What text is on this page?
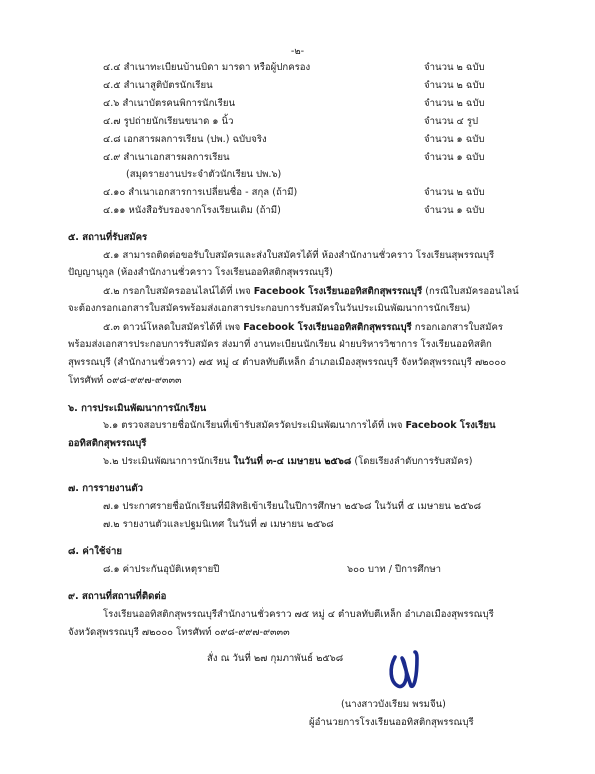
-๒-
๔.๔ สำเนาทะเบียนบ้านบิดา มารดา หรือผู้ปกครอง	จำนวน ๒ ฉบับ
๔.๕ สำเนาสูติบัตรนักเรียน	จำนวน ๒ ฉบับ
๔.๖ สำเนาบัตรคนพิการนักเรียน	จำนวน ๒ ฉบับ
๔.๗ รูปถ่ายนักเรียนขนาด ๑ นิ้ว	จำนวน ๔ รูป
๔.๘ เอกสารผลการเรียน (ปพ.) ฉบับจริง	จำนวน ๑ ฉบับ
๔.๙ สำเนาเอกสารผลการเรียน	จำนวน ๑ ฉบับ
(สมุดรายงานประจำตัวนักเรียน ปพ.๖)
๔.๑๐ สำเนาเอกสารการเปลี่ยนชื่อ - สกุล (ถ้ามี)	จำนวน ๒ ฉบับ
๔.๑๑ หนังสือรับรองจากโรงเรียนเดิม (ถ้ามี)	จำนวน ๑ ฉบับ
๕. สถานที่รับสมัคร
๕.๑ สามารถติดต่อขอรับใบสมัครและส่งใบสมัครได้ที่ ห้องสำนักงานชั่วคราว โรงเรียนสุพรรณบุรี
ปัญญานุกูล (ห้องสำนักงานชั่วคราว โรงเรียนออทิสติกสุพรรณบุรี)
๕.๒ กรอกใบสมัครออนไลน์ได้ที่ เพจ Facebook โรงเรียนออทิสติกสุพรรณบุรี (กรณีใบสมัครออนไลน์
จะต้องกรอกเอกสารใบสมัครพร้อมส่งเอกสารประกอบการรับสมัครในวันประเมินพัฒนาการนักเรียน)
๕.๓ ดาวน์โหลดใบสมัครได้ที่ เพจ Facebook โรงเรียนออทิสติกสุพรรณบุรี กรอกเอกสารใบสมัคร
พร้อมส่งเอกสารประกอบการรับสมัคร ส่งมาที่ งานทะเบียนนักเรียน ฝ่ายบริหารวิชาการ โรงเรียนออทิสติก
สุพรรณบุรี (สำนักงานชั่วคราว) ๗๕ หมู่ ๔ ตำบลทับตีเหล็ก อำเภอเมืองสุพรรณบุรี จังหวัดสุพรรณบุรี ๗๒๐๐๐
โทรศัพท์ ๐๙๘-๙๙๗-๙๓๓๓
๖. การประเมินพัฒนาการนักเรียน
๖.๑ ตรวจสอบรายชื่อนักเรียนที่เข้ารับสมัครวัดประเมินพัฒนาการได้ที่ เพจ Facebook โรงเรียน
ออทิสติกสุพรรณบุรี
๖.๒ ประเมินพัฒนาการนักเรียน ในวันที่ ๓-๔ เมษายน ๒๕๖๘ (โดยเรียงลำดับการรับสมัคร)
๗. การรายงานตัว
๗.๑ ประกาศรายชื่อนักเรียนที่มีสิทธิเข้าเรียนในปีการศึกษา ๒๕๖๘ ในวันที่ ๕ เมษายน ๒๕๖๘
๗.๒ รายงานตัวและปฐมนิเทศ ในวันที่ ๗ เมษายน ๒๕๖๘
๘. ค่าใช้จ่าย
๘.๑ ค่าประกันอุบัติเหตุรายปี	๖๐๐ บาท / ปีการศึกษา
๙. สถานที่สถานที่ติดต่อ
โรงเรียนออทิสติกสุพรรณบุรีสำนักงานชั่วคราว ๗๕ หมู่ ๔ ตำบลทับตีเหล็ก อำเภอเมืองสุพรรณบุรี
จังหวัดสุพรรณบุรี ๗๒๐๐๐ โทรศัพท์ ๐๙๘-๙๙๗-๙๓๓๓
สั่ง ณ วันที่ ๒๗ กุมภาพันธ์ ๒๕๖๘
(นางสาวบังเรียม พรมจีน)
ผู้อำนวยการโรงเรียนออทิสติกสุพรรณบุรี
